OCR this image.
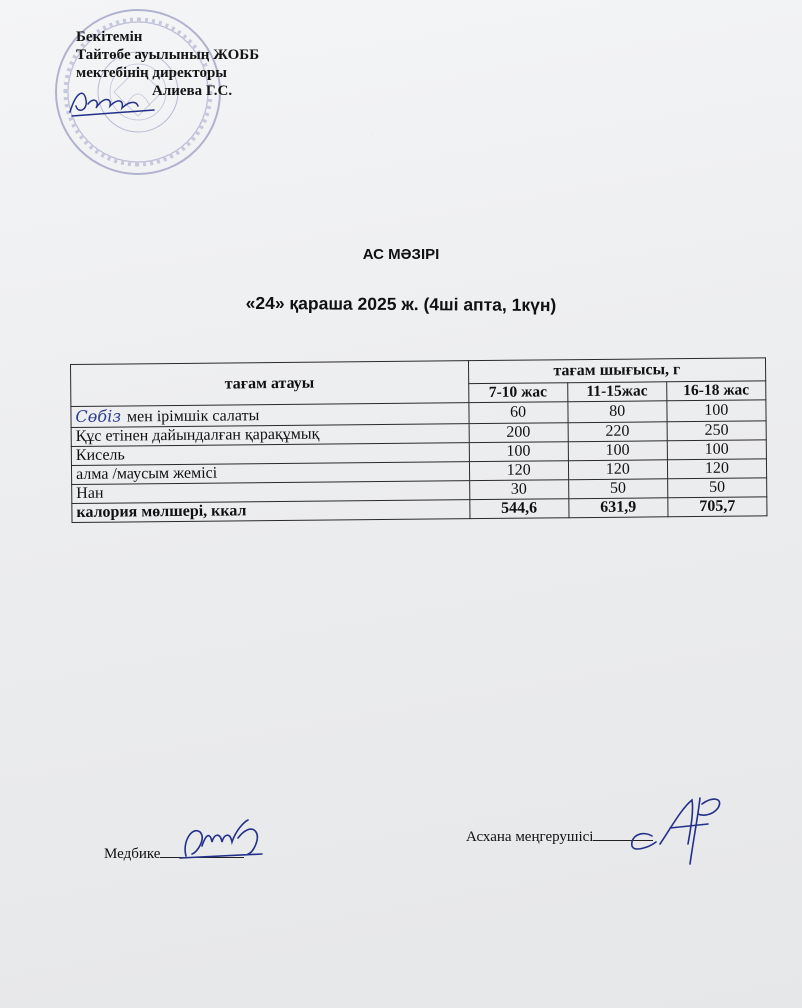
Бекітемін
Тайтөбе ауылының ЖОББ
мектебінің директоры
Алиева Г.С.
·
АС МӘЗІРІ
«24» қараша 2025 ж. (4ші апта, 1күн)
тағам атауы	тағам шығысы, г		
	7-10 жас	11-15жас	16-18 жас
Сөбіз мен ірімшік салаты	60	80	100
Құс етінен дайындалған қарақұмық	200	220	250
Кисель	100	100	100
алма /маусым жемісі	120	120	120
Нан	30	50	50
калория мөлшері, ккал	544,6	631,9	705,7
Медбике
Асхана меңгерушісі
